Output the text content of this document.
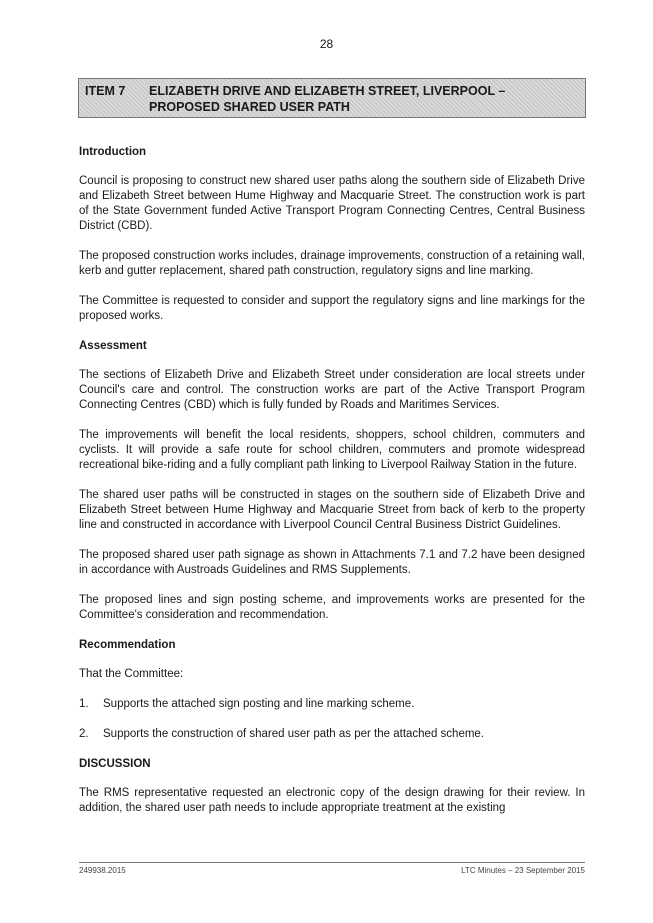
28
ITEM 7 ELIZABETH DRIVE AND ELIZABETH STREET, LIVERPOOL – PROPOSED SHARED USER PATH
Introduction

Council is proposing to construct new shared user paths along the southern side of Elizabeth Drive and Elizabeth Street between Hume Highway and Macquarie Street. The construction work is part of the State Government funded Active Transport Program Connecting Centres, Central Business District (CBD).

The proposed construction works includes, drainage improvements, construction of a retaining wall, kerb and gutter replacement, shared path construction, regulatory signs and line marking.

The Committee is requested to consider and support the regulatory signs and line markings for the proposed works.

Assessment

The sections of Elizabeth Drive and Elizabeth Street under consideration are local streets under Council's care and control. The construction works are part of the Active Transport Program Connecting Centres (CBD) which is fully funded by Roads and Maritimes Services.

The improvements will benefit the local residents, shoppers, school children, commuters and cyclists. It will provide a safe route for school children, commuters and promote widespread recreational bike-riding and a fully compliant path linking to Liverpool Railway Station in the future.

The shared user paths will be constructed in stages on the southern side of Elizabeth Drive and Elizabeth Street between Hume Highway and Macquarie Street from back of kerb to the property line and constructed in accordance with Liverpool Council Central Business District Guidelines.

The proposed shared user path signage as shown in Attachments 7.1 and 7.2 have been designed in accordance with Austroads Guidelines and RMS Supplements.

The proposed lines and sign posting scheme, and improvements works are presented for the Committee's consideration and recommendation.

Recommendation

That the Committee:

1. Supports the attached sign posting and line marking scheme.
2. Supports the construction of shared user path as per the attached scheme.
DISCUSSION

The RMS representative requested an electronic copy of the design drawing for their review. In addition, the shared user path needs to include appropriate treatment at the existing

249938.2015	LTC Minutes – 23 September 2015
